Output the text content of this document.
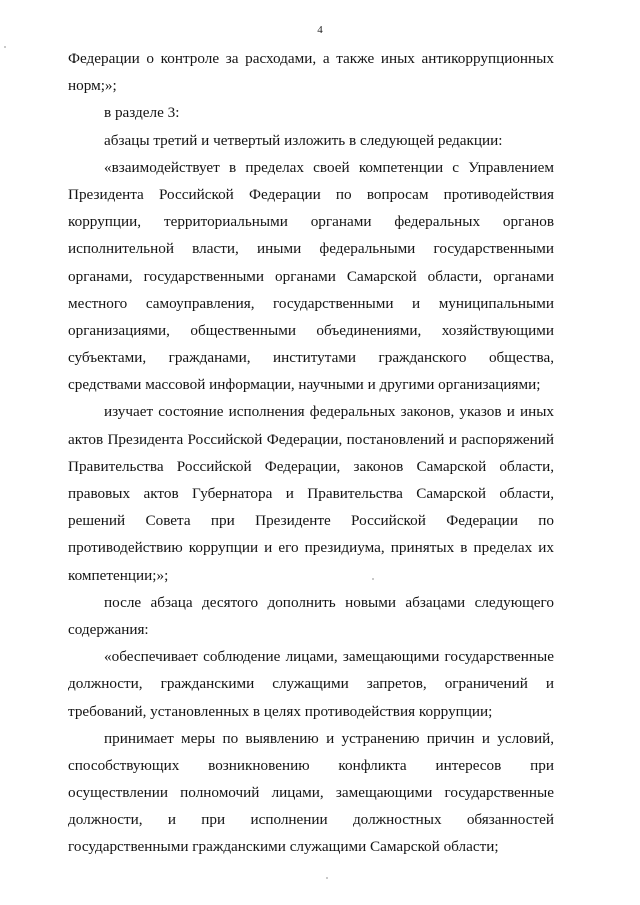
4
Федерации о контроле за расходами, а также иных антикоррупционных
норм;»;
в разделе 3:
абзацы третий и четвертый изложить в следующей редакции:
«взаимодействует в пределах своей компетенции с Управлением
Президента Российской Федерации по вопросам противодействия
коррупции, территориальными органами федеральных органов
исполнительной власти, иными федеральными государственными
органами, государственными органами Самарской области, органами
местного самоуправления, государственными и муниципальными
организациями, общественными объединениями, хозяйствующими
субъектами, гражданами, институтами гражданского общества,
средствами массовой информации, научными и другими организациями;
изучает состояние исполнения федеральных законов, указов и иных
актов Президента Российской Федерации, постановлений и распоряжений
Правительства Российской Федерации, законов Самарской области,
правовых актов Губернатора и Правительства Самарской области,
решений Совета при Президенте Российской Федерации по
противодействию коррупции и его президиума, принятых в пределах их
компетенции;»;
после абзаца десятого дополнить новыми абзацами следующего
содержания:
«обеспечивает соблюдение лицами, замещающими государственные
должности, гражданскими служащими запретов, ограничений и
требований, установленных в целях противодействия коррупции;
принимает меры по выявлению и устранению причин и условий,
способствующих возникновению конфликта интересов при
осуществлении полномочий лицами, замещающими государственные
должности, и при исполнении должностных обязанностей
государственными гражданскими служащими Самарской области;
